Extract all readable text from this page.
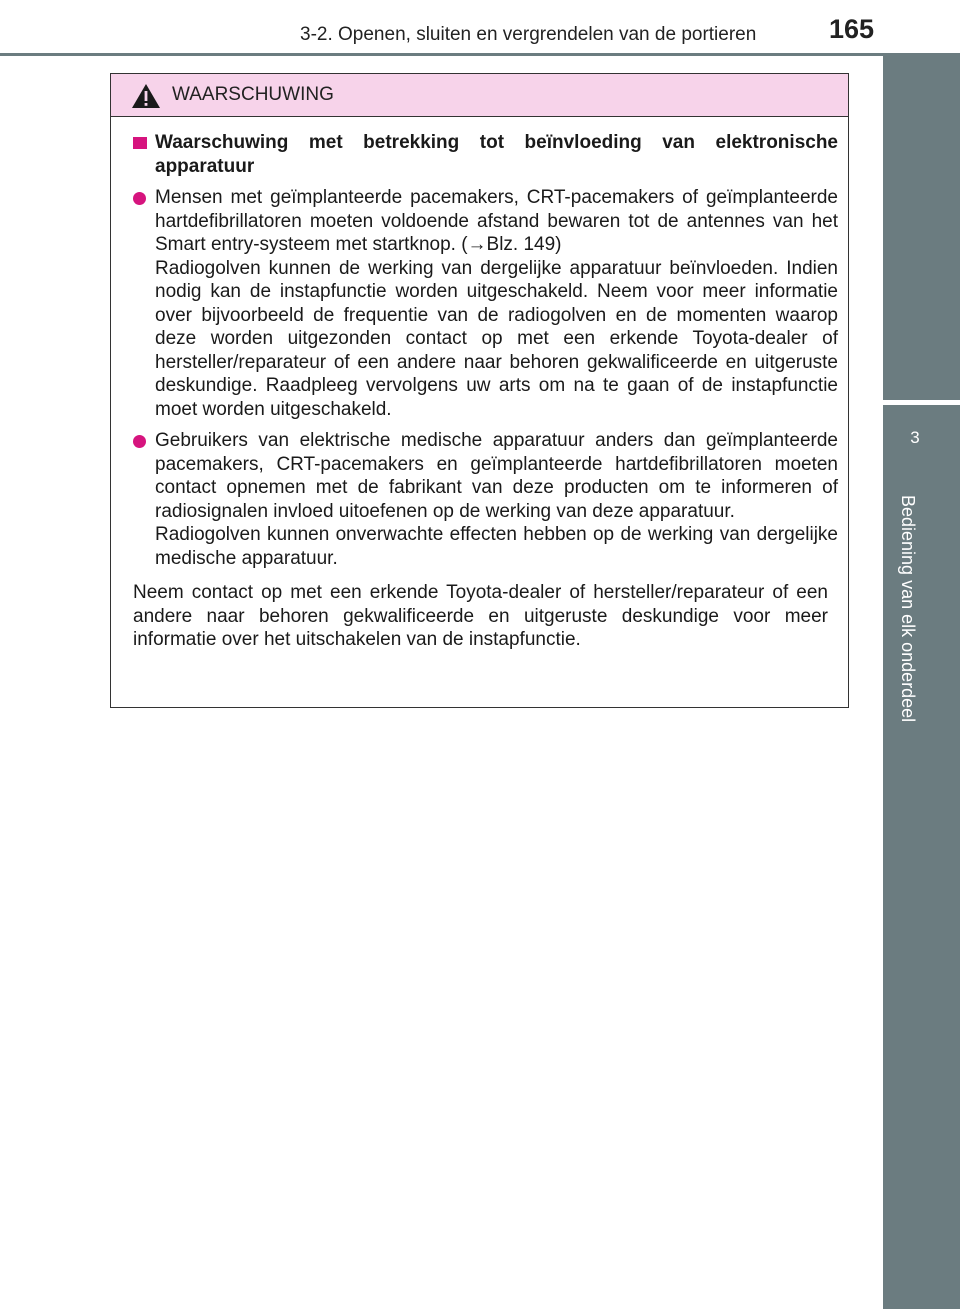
3-2. Openen, sluiten en vergrendelen van de portieren	165
3
Bediening van elk onderdeel
WAARSCHUWING
Waarschuwing met betrekking tot beïnvloeding van elektronische apparatuur

Mensen met geïmplanteerde pacemakers, CRT-pacemakers of geïmplanteerde hartdefibrillatoren moeten voldoende afstand bewaren tot de antennes van het Smart entry-systeem met startknop. (→Blz. 149)

Radiogolven kunnen de werking van dergelijke apparatuur beïnvloeden. Indien nodig kan de instapfunctie worden uitgeschakeld. Neem voor meer informatie over bijvoorbeeld de frequentie van de radiogolven en de momenten waarop deze worden uitgezonden contact op met een erkende Toyota-dealer of hersteller/reparateur of een andere naar behoren gekwalificeerde en uitgeruste deskundige. Raadpleeg vervolgens uw arts om na te gaan of de instapfunctie moet worden uitgeschakeld.

Gebruikers van elektrische medische apparatuur anders dan geïmplanteerde pacemakers, CRT-pacemakers en geïmplanteerde hartdefibrillatoren moeten contact opnemen met de fabrikant van deze producten om te informeren of radiosignalen invloed uitoefenen op de werking van deze apparatuur.

Radiogolven kunnen onverwachte effecten hebben op de werking van dergelijke medische apparatuur.

Neem contact op met een erkende Toyota-dealer of hersteller/reparateur of een andere naar behoren gekwalificeerde en uitgeruste deskundige voor meer informatie over het uitschakelen van de instapfunctie.
